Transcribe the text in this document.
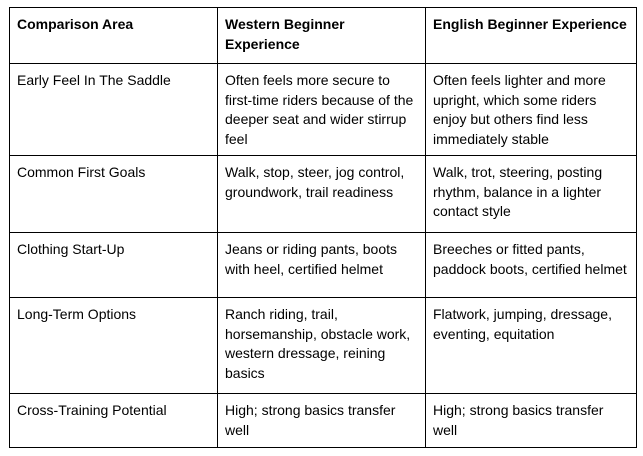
Comparison Area	Western Beginner Experience	English Beginner Experience
Early Feel In The Saddle	Often feels more secure to first-time riders because of the deeper seat and wider stirrup feel	Often feels lighter and more upright, which some riders enjoy but others find less immediately stable
Common First Goals	Walk, stop, steer, jog control, groundwork, trail readiness	Walk, trot, steering, posting rhythm, balance in a lighter contact style
Clothing Start-Up	Jeans or riding pants, boots with heel, certified helmet	Breeches or fitted pants, paddock boots, certified helmet
Long-Term Options	Ranch riding, trail, horsemanship, obstacle work, western dressage, reining basics	Flatwork, jumping, dressage, eventing, equitation
Cross-Training Potential	High; strong basics transfer well	High; strong basics transfer well
